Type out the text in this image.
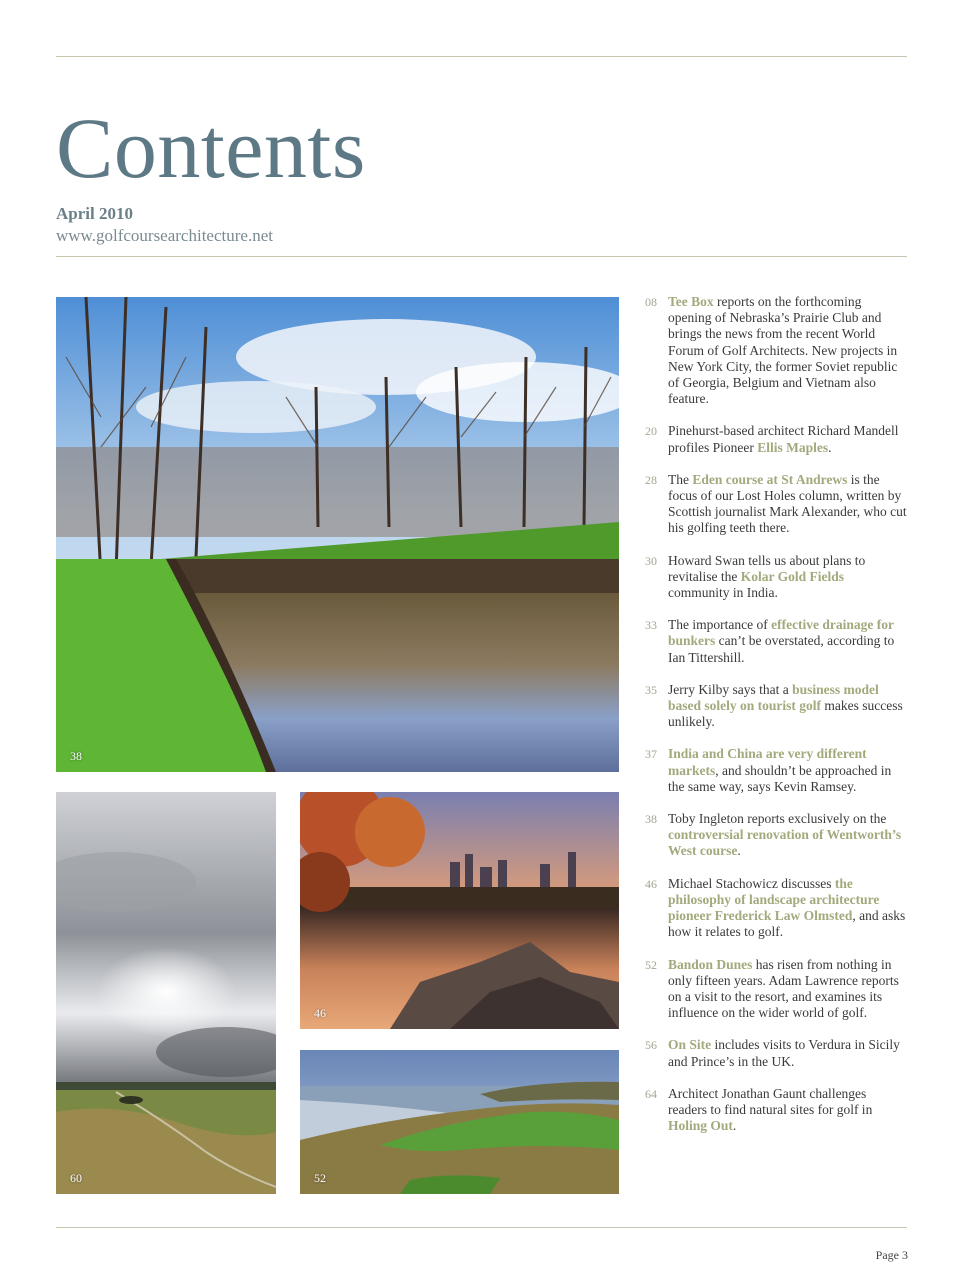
Contents
April 2010
www.golfcoursearchitecture.net
38
60
46
52
08 Tee Box reports on the forthcoming opening of Nebraska’s Prairie Club and brings the news from the recent World Forum of Golf Architects. New projects in New York City, the former Soviet republic of Georgia, Belgium and Vietnam also feature.
20 Pinehurst-based architect Richard Mandell profiles Pioneer Ellis Maples.
28 The Eden course at St Andrews is the focus of our Lost Holes column, written by Scottish journalist Mark Alexander, who cut his golfing teeth there.
30 Howard Swan tells us about plans to revitalise the Kolar Gold Fields community in India.
33 The importance of effective drainage for bunkers can’t be overstated, according to Ian Tittershill.
35 Jerry Kilby says that a business model based solely on tourist golf makes success unlikely.
37 India and China are very different markets, and shouldn’t be approached in the same way, says Kevin Ramsey.
38 Toby Ingleton reports exclusively on the controversial renovation of Wentworth’s West course.
46 Michael Stachowicz discusses the philosophy of landscape architecture pioneer Frederick Law Olmsted, and asks how it relates to golf.
52 Bandon Dunes has risen from nothing in only fifteen years. Adam Lawrence reports on a visit to the resort, and examines its influence on the wider world of golf.
56 On Site includes visits to Verdura in Sicily and Prince’s in the UK.
64 Architect Jonathan Gaunt challenges readers to find natural sites for golf in Holing Out.
Page 3
